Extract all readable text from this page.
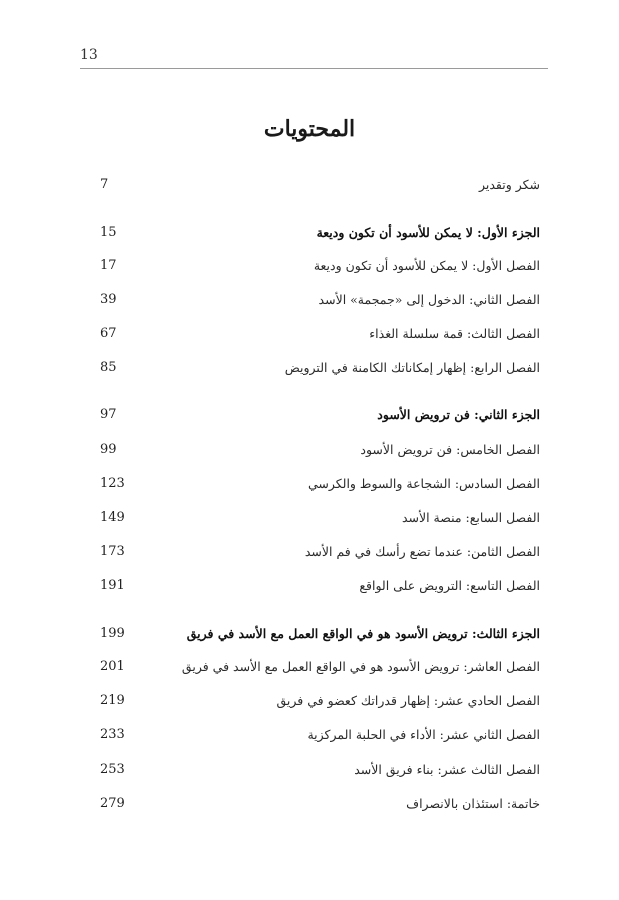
13
المحتويات
شكر وتقدير
7
الجزء الأول: لا يمكن للأسود أن تكون وديعة
15
الفصل الأول: لا يمكن للأسود أن تكون وديعة
17
الفصل الثاني: الدخول إلى «جمجمة» الأسد
39
الفصل الثالث: قمة سلسلة الغذاء
67
الفصل الرابع: إظهار إمكاناتك الكامنة في الترويض
85
الجزء الثاني: فن ترويض الأسود
97
الفصل الخامس: فن ترويض الأسود
99
الفصل السادس: الشجاعة والسوط والكرسي
123
الفصل السابع: منصة الأسد
149
الفصل الثامن: عندما تضع رأسك في فم الأسد
173
الفصل التاسع: الترويض على الواقع
191
الجزء الثالث: ترويض الأسود هو في الواقع العمل مع الأسد في فريق
199
الفصل العاشر: ترويض الأسود هو في الواقع العمل مع الأسد في فريق
201
الفصل الحادي عشر: إظهار قدراتك كعضو في فريق
219
الفصل الثاني عشر: الأداء في الحلبة المركزية
233
الفصل الثالث عشر: بناء فريق الأسد
253
خاتمة: استئذان بالانصراف
279
